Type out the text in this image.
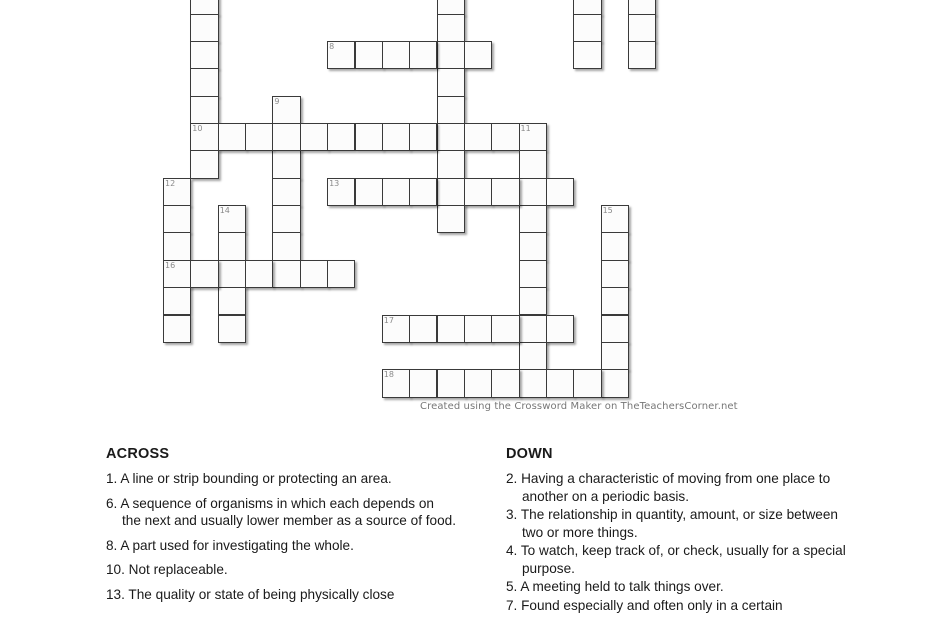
10
8
9
11
12
16
13
14	15
17
18
Created using the Crossword Maker on TheTeachersCorner.net
ACROSS
1. A line or strip bounding or protecting an area.
6. A sequence of organisms in which each depends on the next and usually lower member as a source of food.
8. A part used for investigating the whole.
10. Not replaceable.
13. The quality or state of being physically close
DOWN
2. Having a characteristic of moving from one place to another on a periodic basis.
3. The relationship in quantity, amount, or size between two or more things.
4. To watch, keep track of, or check, usually for a special purpose.
5. A meeting held to talk things over.
7. Found especially and often only in a certain
